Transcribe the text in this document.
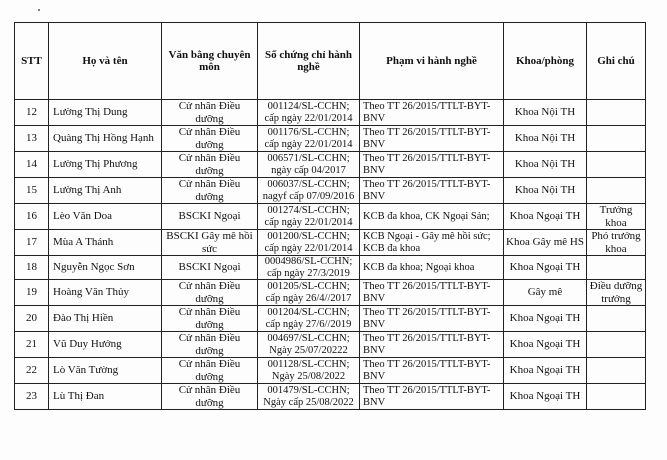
STT	Họ và tên	Văn bằng chuyên môn	Số chứng chỉ hành nghề	Phạm vi hành nghề	Khoa/phòng	Ghi chú
12	Lường Thị Dung	Cử nhân Điều dưỡng	001124/SL-CCHN; cấp ngày 22/01/2014	Theo TT 26/2015/TTLT-BYT-BNV	Khoa Nội TH	
13	Quàng Thị Hồng Hạnh	Cử nhân Điều dưỡng	001176/SL-CCHN; cấp ngày 22/01/2014	Theo TT 26/2015/TTLT-BYT-BNV	Khoa Nội TH	
14	Lường Thị Phương	Cử nhân Điều dưỡng	006571/SL-CCHN; ngày cấp 04/2017	Theo TT 26/2015/TTLT-BYT-BNV	Khoa Nội TH	
15	Lường Thị Anh	Cử nhân Điều dưỡng	006037/SL-CCHN; nagyf cấp 07/09/2016	Theo TT 26/2015/TTLT-BYT-BNV	Khoa Nội TH	
16	Lèo Văn Doa	BSCKI Ngoại	001274/SL-CCHN; cấp ngày 22/01/2014	KCB đa khoa, CK Ngoại Sản;	Khoa Ngoại TH	Trưởng khoa
17	Mùa A Thánh	BSCKI Gây mê hồi sức	001200/SL-CCHN; cấp ngày 22/01/2014	KCB Ngoại - Gây mê hồi sức; KCB đa khoa	Khoa Gây mê HS	Phó trưởng khoa
18	Nguyễn Ngọc Sơn	BSCKI Ngoại	0004986/SL-CCHN; cấp ngày 27/3/2019	KCB đa khoa; Ngoại khoa	Khoa Ngoại TH	
19	Hoàng Văn Thủy	Cử nhân Điều dưỡng	001205/SL-CCHN; cấp ngày 26/4//2017	Theo TT 26/2015/TTLT-BYT-BNV	Gây mê	Điều dưỡng trưởng
20	Đào Thị Hiền	Cử nhân Điều dưỡng	001204/SL-CCHN; cấp ngày 27/6//2019	Theo TT 26/2015/TTLT-BYT-BNV	Khoa Ngoại TH	
21	Vũ Duy Hưởng	Cử nhân Điều dưỡng	004697/SL-CCHN; Ngày 25/07/20222	Theo TT 26/2015/TTLT-BYT-BNV	Khoa Ngoại TH	
22	Lò Văn Tường	Cử nhân Điều dưỡng	001128/SL-CCHN; Ngày 25/08/2022	Theo TT 26/2015/TTLT-BYT-BNV	Khoa Ngoại TH	
23	Lù Thị Đan	Cử nhân Điều dưỡng	001479/SL-CCHN; Ngày cấp 25/08/2022	Theo TT 26/2015/TTLT-BYT-BNV	Khoa Ngoại TH	
